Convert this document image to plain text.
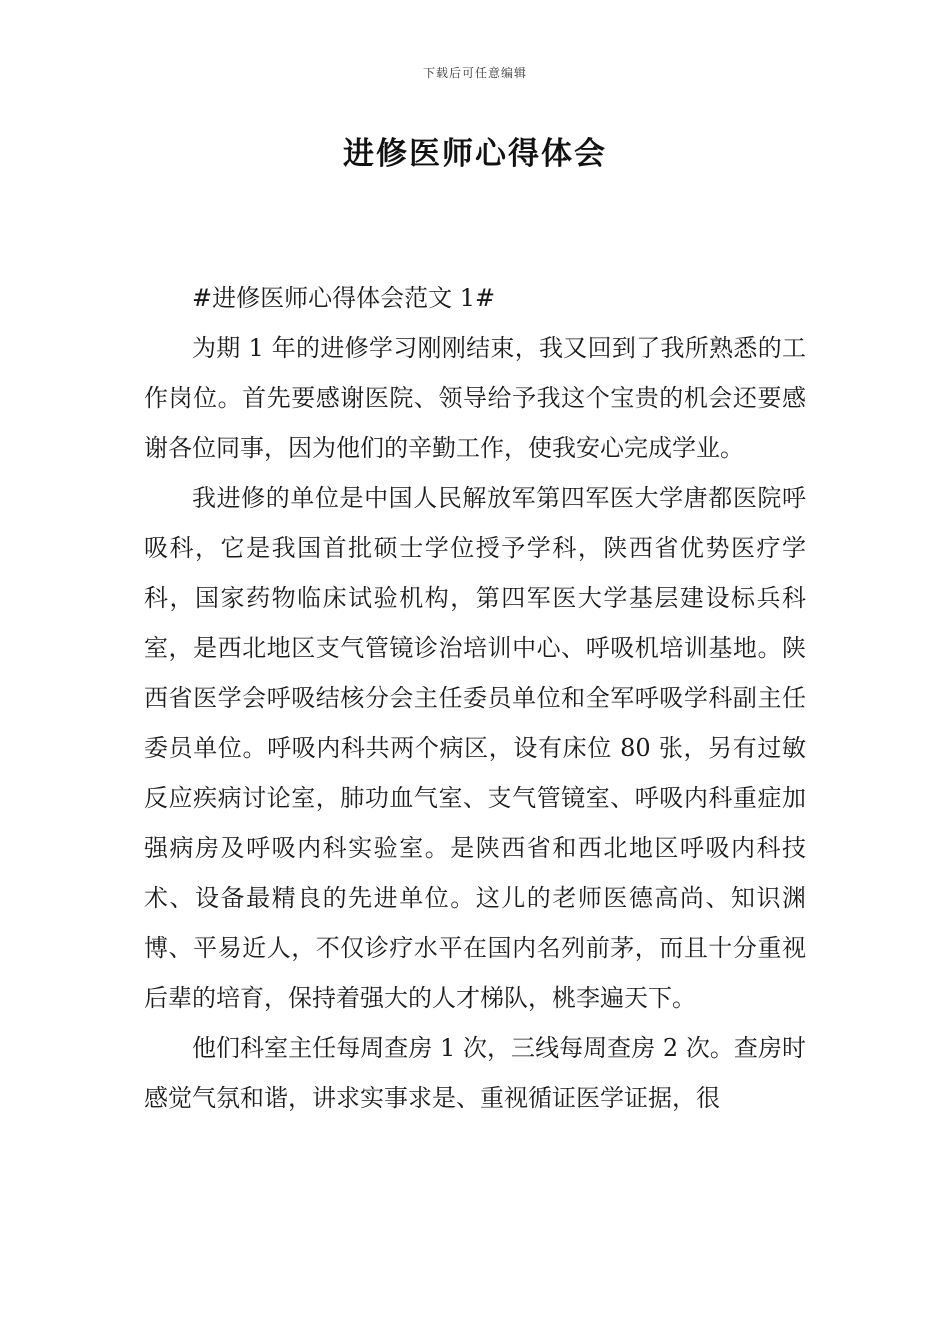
下载后可任意编辑
进修医师心得体会

#进修医师心得体会范文 1#

为期 1 年的进修学习刚刚结束，我又回到了我所熟悉的工作岗位。首先要感谢医院、领导给予我这个宝贵的机会还要感谢各位同事，因为他们的辛勤工作，使我安心完成学业。

我进修的单位是中国人民解放军第四军医大学唐都医院呼吸科，它是我国首批硕士学位授予学科，陕西省优势医疗学科，国家药物临床试验机构，第四军医大学基层建设标兵科室，是西北地区支气管镜诊治培训中心、呼吸机培训基地。陕西省医学会呼吸结核分会主任委员单位和全军呼吸学科副主任委员单位。呼吸内科共两个病区，设有床位 80 张，另有过敏反应疾病讨论室，肺功血气室、支气管镜室、呼吸内科重症加强病房及呼吸内科实验室。是陕西省和西北地区呼吸内科技术、设备最精良的先进单位。这儿的老师医德高尚、知识渊博、平易近人，不仅诊疗水平在国内名列前茅，而且十分重视后辈的培育，保持着强大的人才梯队，桃李遍天下。

他们科室主任每周查房 1 次，三线每周查房 2 次。查房时感觉气氛和谐，讲求实事求是、重视循证医学证据，很
